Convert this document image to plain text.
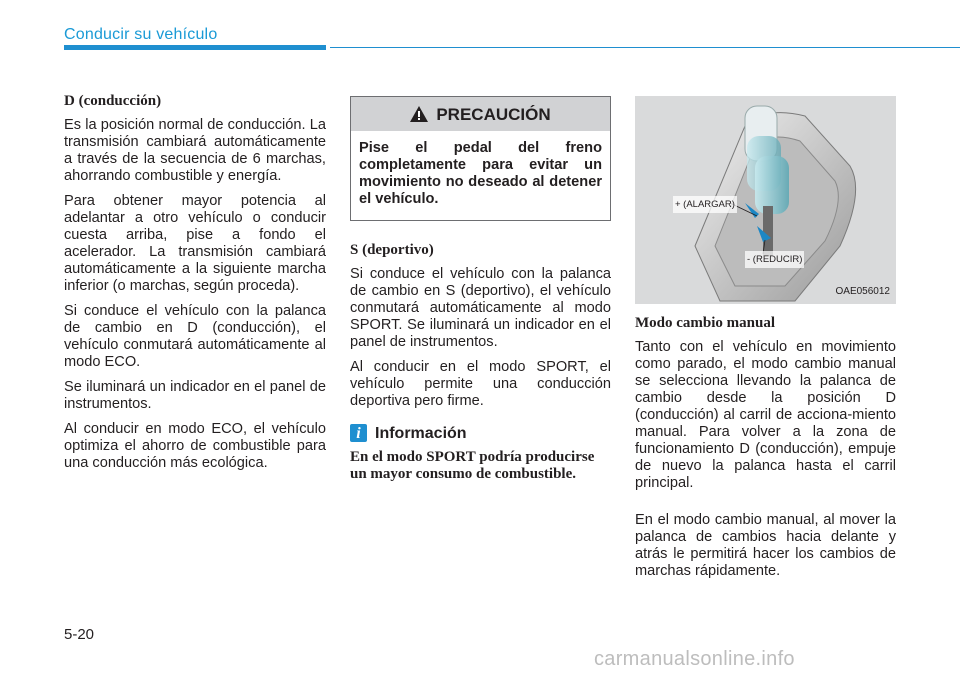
Conducir su vehículo
D (conducción)

Es la posición normal de conducción. La transmisión cambiará automáticamente a través de la secuencia de 6 marchas, ahorrando combustible y energía.

Para obtener mayor potencia al adelantar a otro vehículo o conducir cuesta arriba, pise a fondo el acelerador. La transmisión cambiará automáticamente a la siguiente marcha inferior (o marchas, según proceda).

Si conduce el vehículo con la palanca de cambio en D (conducción), el vehículo conmutará automáticamente al modo ECO.

Se iluminará un indicador en el panel de instrumentos.

Al conducir en modo ECO, el vehículo optimiza el ahorro de combustible para una conducción más ecológica.

PRECAUCIÓN
Pise el pedal del freno completamente para evitar un movimiento no deseado al detener el vehículo.
S (deportivo)

Si conduce el vehículo con la palanca de cambio en S (deportivo), el vehículo conmutará automáticamente al modo SPORT. Se iluminará un indicador en el panel de instrumentos.

Al conducir en el modo SPORT, el vehículo permite una conducción deportiva pero firme.

i Información
En el modo SPORT podría producirse un mayor consumo de combustible.
+ (ALARGAR)
- (REDUCIR)
OAE056012
Modo cambio manual

Tanto con el vehículo en movimiento como parado, el modo cambio manual se selecciona llevando la palanca de cambio desde la posición D (conducción) al carril de acciona-miento manual. Para volver a la zona de funcionamiento D (conducción), empuje de nuevo la palanca hasta el carril principal.

En el modo cambio manual, al mover la palanca de cambios hacia delante y atrás le permitirá hacer los cambios de marchas rápidamente.

5-20
carmanualsonline.info
